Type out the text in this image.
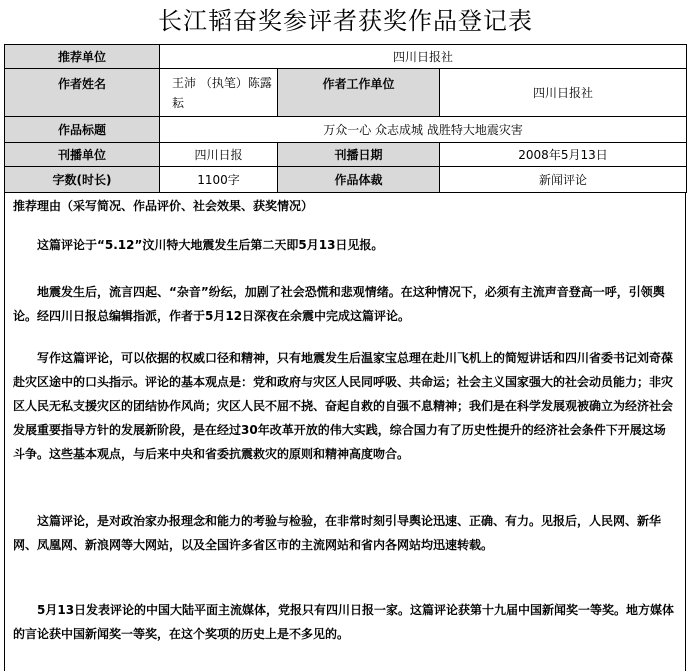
长江韬奋奖参评者获奖作品登记表
推荐单位	四川日报社		
作者姓名	王沛 （执笔）陈露耘	作者工作单位	四川日报社
作品标题	万众一心 众志成城 战胜特大地震灾害		
刊播单位	四川日报	刊播日期	2008年5月13日
字数(时长)	1100字	作品体裁	新闻评论
推荐理由（采写简况、作品评价、社会效果、获奖情况）
这篇评论于“5.12”汶川特大地震发生后第二天即5月13日见报。
地震发生后，流言四起、“杂音”纷纭，加剧了社会恐慌和悲观情绪。在这种情况下，必须有主流声音登高一呼，引领舆论。经四川日报总编辑指派，作者于5月12日深夜在余震中完成这篇评论。
写作这篇评论，可以依据的权威口径和精神，只有地震发生后温家宝总理在赴川飞机上的简短讲话和四川省委书记刘奇葆赴灾区途中的口头指示。评论的基本观点是：党和政府与灾区人民同呼吸、共命运；社会主义国家强大的社会动员能力；非灾区人民无私支援灾区的团结协作风尚；灾区人民不屈不挠、奋起自救的自强不息精神；我们是在科学发展观被确立为经济社会发展重要指导方针的发展新阶段，是在经过30年改革开放的伟大实践，综合国力有了历史性提升的经济社会条件下开展这场斗争。这些基本观点，与后来中央和省委抗震救灾的原则和精神高度吻合。
这篇评论，是对政治家办报理念和能力的考验与检验，在非常时刻引导舆论迅速、正确、有力。见报后，人民网、新华网、凤凰网、新浪网等大网站，以及全国许多省区市的主流网站和省内各网站均迅速转载。
5月13日发表评论的中国大陆平面主流媒体，党报只有四川日报一家。这篇评论获第十九届中国新闻奖一等奖。地方媒体的言论获中国新闻奖一等奖，在这个奖项的历史上是不多见的。
